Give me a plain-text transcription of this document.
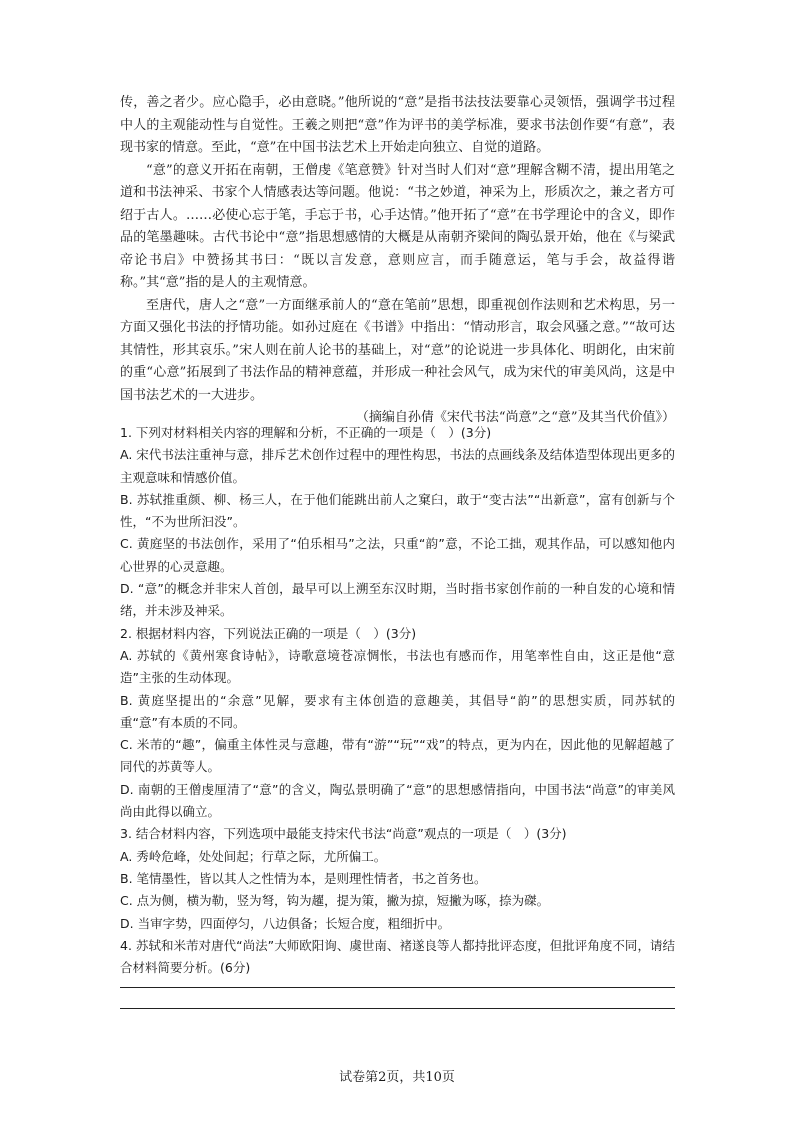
传，善之者少。应心隐手，必由意晓。”他所说的“意”是指书法技法要靠心灵领悟，强调学书过程中人的主观能动性与自觉性。王羲之则把“意”作为评书的美学标准，要求书法创作要“有意”，表现书家的情意。至此，“意”在中国书法艺术上开始走向独立、自觉的道路。

“意”的意义开拓在南朝，王僧虔《笔意赞》针对当时人们对“意”理解含糊不清，提出用笔之道和书法神采、书家个人情感表达等问题。他说：“书之妙道，神采为上，形质次之，兼之者方可绍于古人。……必使心忘于笔，手忘于书，心手达情。”他开拓了“意”在书学理论中的含义，即作品的笔墨趣味。古代书论中“意”指思想感情的大概是从南朝齐梁间的陶弘景开始，他在《与梁武帝论书启》中赞扬其书曰：“既以言发意，意则应言，而手随意运，笔与手会，故益得谐称。”其“意”指的是人的主观情意。

至唐代，唐人之“意”一方面继承前人的“意在笔前”思想，即重视创作法则和艺术构思，另一方面又强化书法的抒情功能。如孙过庭在《书谱》中指出：“情动形言，取会风骚之意。”“故可达其情性，形其哀乐。”宋人则在前人论书的基础上，对“意”的论说进一步具体化、明朗化，由宋前的重“心意”拓展到了书法作品的精神意蕴，并形成一种社会风气，成为宋代的审美风尚，这是中国书法艺术的一大进步。

（摘编自孙倩《宋代书法“尚意”之“意”及其当代价值》）

1. 下列对材料相关内容的理解和分析，不正确的一项是（　）(3分)

A. 宋代书法注重神与意，排斥艺术创作过程中的理性构思，书法的点画线条及结体造型体现出更多的主观意味和情感价值。

B. 苏轼推重颜、柳、杨三人，在于他们能跳出前人之窠臼，敢于“变古法”“出新意”，富有创新与个性，“不为世所汩没”。

C. 黄庭坚的书法创作，采用了“伯乐相马”之法，只重“韵”意，不论工拙，观其作品，可以感知他内心世界的心灵意趣。

D. “意”的概念并非宋人首创，最早可以上溯至东汉时期，当时指书家创作前的一种自发的心境和情绪，并未涉及神采。

2. 根据材料内容，下列说法正确的一项是（　）(3分)

A. 苏轼的《黄州寒食诗帖》，诗歌意境苍凉惆怅，书法也有感而作，用笔率性自由，这正是他“意造”主张的生动体现。

B. 黄庭坚提出的“余意”见解，要求有主体创造的意趣美，其倡导“韵”的思想实质，同苏轼的重“意”有本质的不同。

C. 米芾的“趣”，偏重主体性灵与意趣，带有“游”“玩”“戏”的特点，更为内在，因此他的见解超越了同代的苏黄等人。

D. 南朝的王僧虔厘清了“意”的含义，陶弘景明确了“意”的思想感情指向，中国书法“尚意”的审美风尚由此得以确立。

3. 结合材料内容，下列选项中最能支持宋代书法“尚意”观点的一项是（　）(3分)

A. 秀岭危峰，处处间起；行草之际，尤所偏工。

B. 笔情墨性，皆以其人之性情为本，是则理性情者，书之首务也。

C. 点为侧，横为勒，竖为弩，钩为趯，提为策，撇为掠，短撇为啄，捺为磔。

D. 当审字势，四面停匀，八边俱备；长短合度，粗细折中。

4. 苏轼和米芾对唐代“尚法”大师欧阳询、虞世南、褚遂良等人都持批评态度，但批评角度不同，请结合材料简要分析。(6分)

试卷第2页，共10页
